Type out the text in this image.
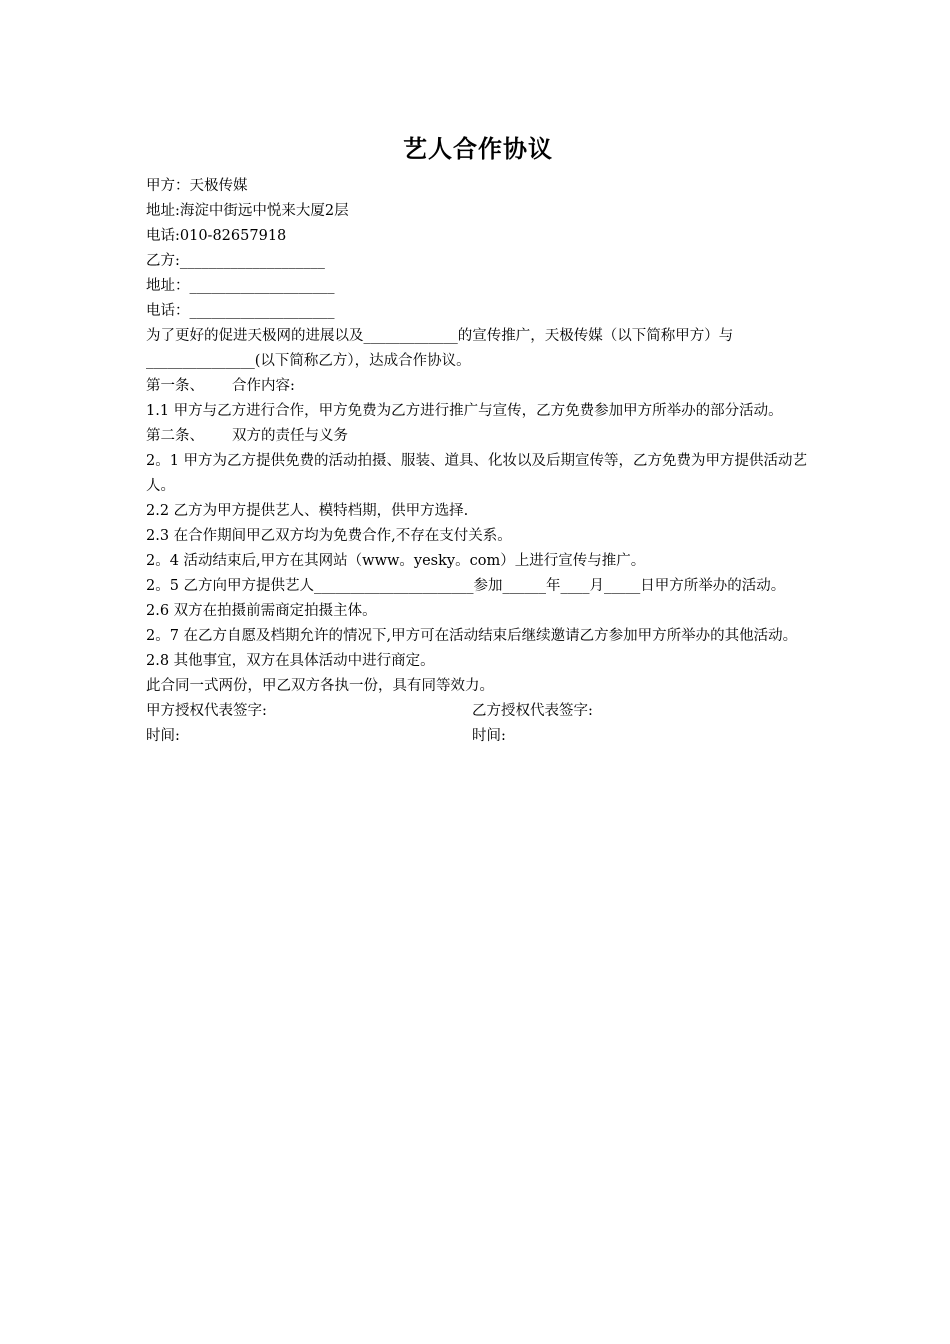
艺人合作协议
甲方：天极传媒
地址:海淀中街远中悦来大厦2层
电话:010-82657918
乙方:____________________
地址：____________________
电话：____________________
为了更好的促进天极网的进展以及_____________的宣传推广，天极传媒（以下简称甲方）与_______________(以下简称乙方），达成合作协议。
第一条、 合作内容:
1.1 甲方与乙方进行合作，甲方免费为乙方进行推广与宣传，乙方免费参加甲方所举办的部分活动。
第二条、 双方的责任与义务
2。1 甲方为乙方提供免费的活动拍摄、服装、道具、化妆以及后期宣传等，乙方免费为甲方提供活动艺人。
2.2 乙方为甲方提供艺人、模特档期，供甲方选择.
2.3 在合作期间甲乙双方均为免费合作,不存在支付关系。
2。4 活动结束后,甲方在其网站（www。yesky。com）上进行宣传与推广。
2。5 乙方向甲方提供艺人______________________参加______年____月_____日甲方所举办的活动。
2.6 双方在拍摄前需商定拍摄主体。
2。7 在乙方自愿及档期允许的情况下,甲方可在活动结束后继续邀请乙方参加甲方所举办的其他活动。
2.8 其他事宜，双方在具体活动中进行商定。
此合同一式两份，甲乙双方各执一份，具有同等效力。
甲方授权代表签字:	乙方授权代表签字:
时间:	时间:
